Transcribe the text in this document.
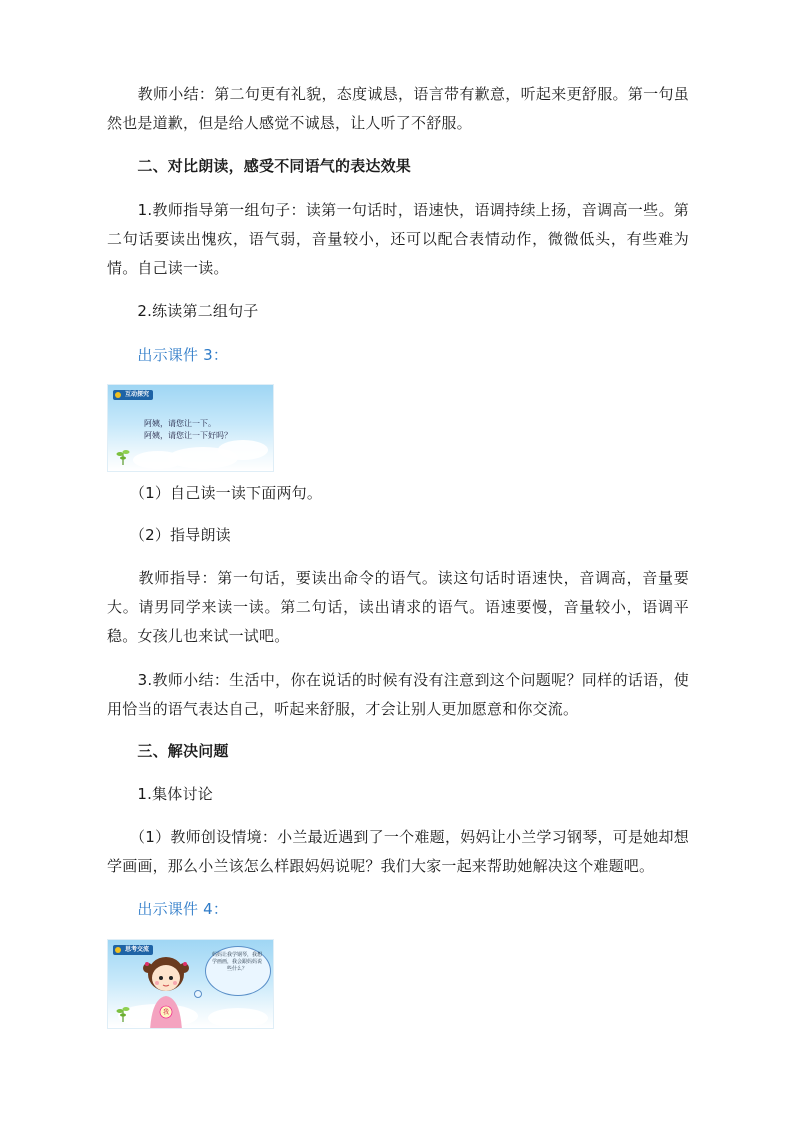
　　教师小结：第二句更有礼貌，态度诚恳，语言带有歉意，听起来更舒服。第一句虽然也是道歉，但是给人感觉不诚恳，让人听了不舒服。

　　二、对比朗读，感受不同语气的表达效果

　　1.教师指导第一组句子：读第一句话时，语速快，语调持续上扬，音调高一些。第二句话要读出愧疚，语气弱，音量较小，还可以配合表情动作，微微低头，有些难为情。自己读一读。

　　2.练读第二组句子

　　出示课件 3：

互动探究
阿姨，请您让一下。
阿姨，请您让一下好吗？

　　（1）自己读一读下面两句。

　　（2）指导朗读

　　教师指导：第一句话，要读出命令的语气。读这句话时语速快，音调高，音量要大。请男同学来读一读。第二句话，读出请求的语气。语速要慢，音量较小，语调平稳。女孩儿也来试一试吧。

　　3.教师小结：生活中，你在说话的时候有没有注意到这个问题呢？同样的话语，使用恰当的语气表达自己，听起来舒服，才会让别人更加愿意和你交流。

　　三、解决问题

　　1.集体讨论

　　（1）教师创设情境：小兰最近遇到了一个难题，妈妈让小兰学习钢琴，可是她却想学画画，那么小兰该怎么样跟妈妈说呢？我们大家一起来帮助她解决这个难题吧。

　　出示课件 4：

思考交流
妈妈让我学钢琴，我想学画画，我会跟妈妈说些什么？
我
